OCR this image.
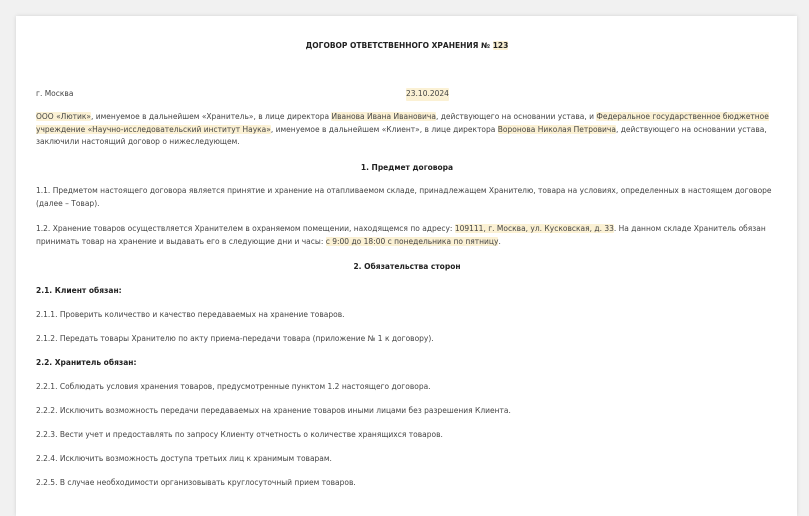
ДОГОВОР ОТВЕТСТВЕННОГО ХРАНЕНИЯ № 123
г. Москва	23.10.2024
ООО «Лютик», именуемое в дальнейшем «Хранитель», в лице директора Иванова Ивана Ивановича, действующего на основании устава, и Федеральное государственное бюджетное учреждение «Научно-исследовательский институт Наука», именуемое в дальнейшем «Клиент», в лице директора Воронова Николая Петровича, действующего на основании устава, заключили настоящий договор о нижеследующем.
1. Предмет договора
1.1. Предметом настоящего договора является принятие и хранение на отапливаемом складе, принадлежащем Хранителю, товара на условиях, определенных в настоящем договоре (далее – Товар).
1.2. Хранение товаров осуществляется Хранителем в охраняемом помещении, находящемся по адресу: 109111, г. Москва, ул. Кусковская, д. 33. На данном складе Хранитель обязан принимать товар на хранение и выдавать его в следующие дни и часы: с 9:00 до 18:00 с понедельника по пятницу.
2. Обязательства сторон
2.1. Клиент обязан:
2.1.1. Проверить количество и качество передаваемых на хранение товаров.
2.1.2. Передать товары Хранителю по акту приема-передачи товара (приложение № 1 к договору).
2.2. Хранитель обязан:
2.2.1. Соблюдать условия хранения товаров, предусмотренные пунктом 1.2 настоящего договора.
2.2.2. Исключить возможность передачи передаваемых на хранение товаров иными лицами без разрешения Клиента.
2.2.3. Вести учет и предоставлять по запросу Клиенту отчетность о количестве хранящихся товаров.
2.2.4. Исключить возможность доступа третьих лиц к хранимым товарам.
2.2.5. В случае необходимости организовывать круглосуточный прием товаров.
